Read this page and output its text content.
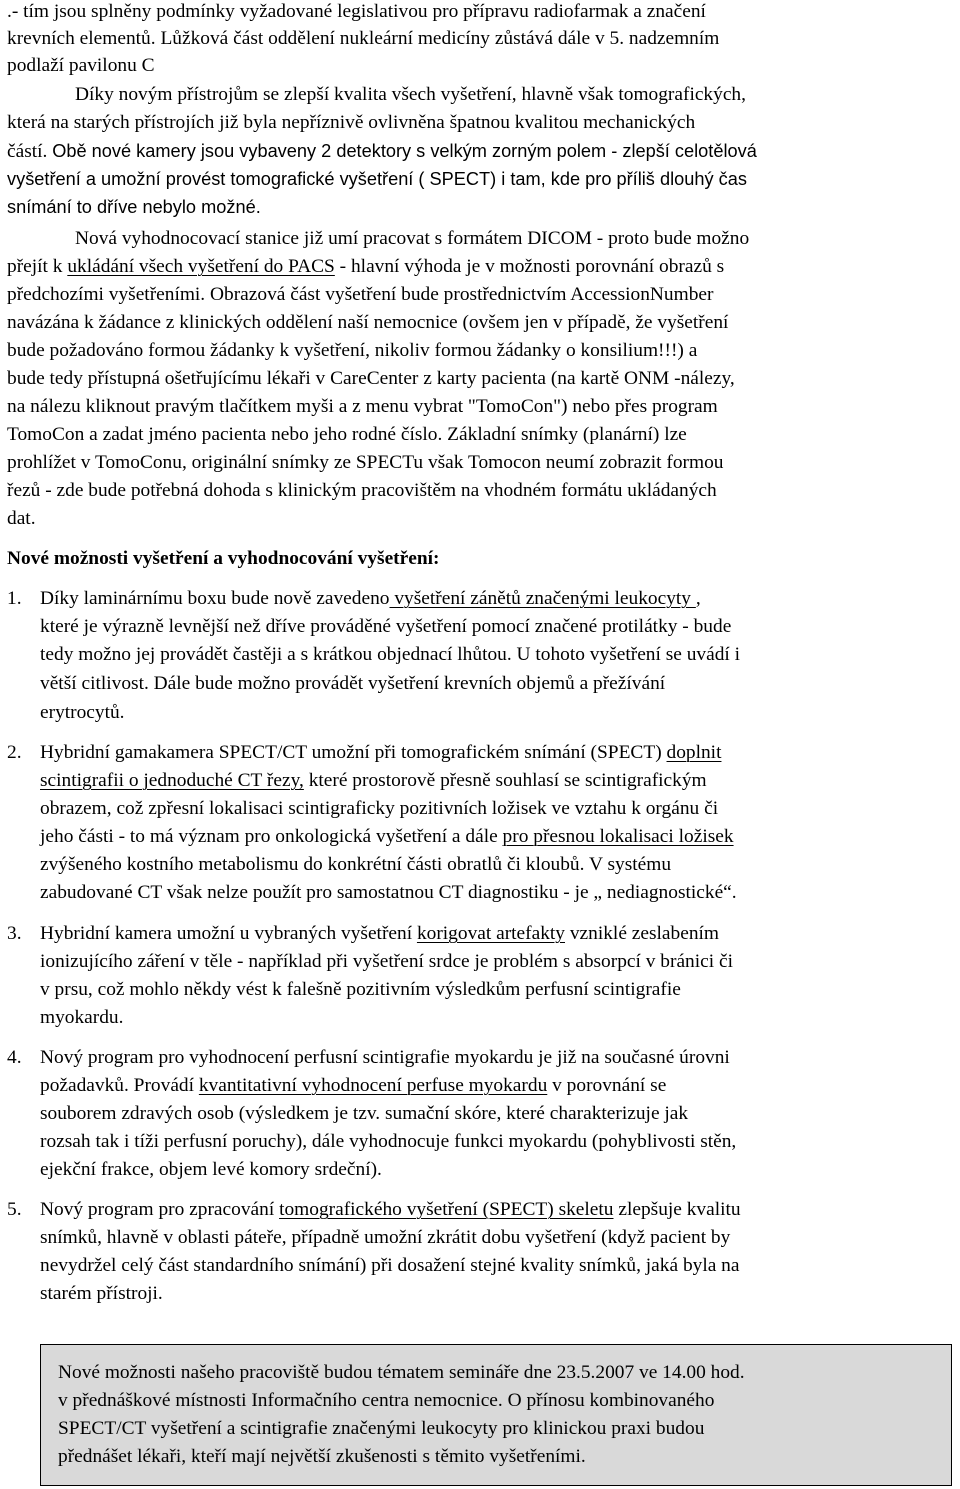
.- tím jsou splněny podmínky vyžadované legislativou pro přípravu radiofarmak a značení
krevních elementů. Lůžková část oddělení nukleární medicíny zůstává dále v 5. nadzemním
podlaží pavilonu C
Díky novým přístrojům se zlepší kvalita všech vyšetření, hlavně však tomografických,
která na starých přístrojích již byla nepříznivě ovlivněna špatnou kvalitou mechanických
částí. Obě nové kamery jsou vybaveny 2 detektory s velkým zorným polem - zlepší celotělová
vyšetření a umožní provést tomografické vyšetření ( SPECT) i tam, kde pro příliš dlouhý čas
snímání to dříve nebylo možné.
Nová vyhodnocovací stanice již umí pracovat s formátem DICOM - proto bude možno
přejít k ukládání všech vyšetření do PACS - hlavní výhoda je v možnosti porovnání obrazů s
předchozími vyšetřeními. Obrazová část vyšetření bude prostřednictvím AccessionNumber
navázána k žádance z klinických oddělení naší nemocnice (ovšem jen v případě, že vyšetření
bude požadováno formou žádanky k vyšetření, nikoliv formou žádanky o konsilium!!!) a
bude tedy přístupná ošetřujícímu lékaři v CareCenter z karty pacienta (na kartě ONM -nálezy,
na nálezu kliknout pravým tlačítkem myši a z menu vybrat "TomoCon") nebo přes program
TomoCon a zadat jméno pacienta nebo jeho rodné číslo. Základní snímky (planární) lze
prohlížet v TomoConu, originální snímky ze SPECTu však Tomocon neumí zobrazit formou
řezů - zde bude potřebná dohoda s klinickým pracovištěm na vhodném formátu ukládaných
dat.
Nové možnosti vyšetření a vyhodnocování vyšetření:
1. Díky laminárnímu boxu bude nově zavedeno vyšetření zánětů značenými leukocyty ,
které je výrazně levnější než dříve prováděné vyšetření pomocí značené protilátky - bude
tedy možno jej provádět častěji a s krátkou objednací lhůtou. U tohoto vyšetření se uvádí i
větší citlivost. Dále bude možno provádět vyšetření krevních objemů a přežívání
erytrocytů.
2. Hybridní gamakamera SPECT/CT umožní při tomografickém snímání (SPECT) doplnit
scintigrafii o jednoduché CT řezy, které prostorově přesně souhlasí se scintigrafickým
obrazem, což zpřesní lokalisaci scintigraficky pozitivních ložisek ve vztahu k orgánu či
jeho části - to má význam pro onkologická vyšetření a dále pro přesnou lokalisaci ložisek
zvýšeného kostního metabolismu do konkrétní části obratlů či kloubů. V systému
zabudované CT však nelze použít pro samostatnou CT diagnostiku - je „ nediagnostické“.
3. Hybridní kamera umožní u vybraných vyšetření korigovat artefakty vzniklé zeslabením
ionizujícího záření v těle - například při vyšetření srdce je problém s absorpcí v bránici či
v prsu, což mohlo někdy vést k falešně pozitivním výsledkům perfusní scintigrafie
myokardu.
4. Nový program pro vyhodnocení perfusní scintigrafie myokardu je již na současné úrovni
požadavků. Provádí kvantitativní vyhodnocení perfuse myokardu v porovnání se
souborem zdravých osob (výsledkem je tzv. sumační skóre, které charakterizuje jak
rozsah tak i tíži perfusní poruchy), dále vyhodnocuje funkci myokardu (pohyblivosti stěn,
ejekční frakce, objem levé komory srdeční).
5. Nový program pro zpracování tomografického vyšetření (SPECT) skeletu zlepšuje kvalitu
snímků, hlavně v oblasti páteře, případně umožní zkrátit dobu vyšetření (když pacient by
nevydržel celý část standardního snímání) při dosažení stejné kvality snímků, jaká byla na
starém přístroji.
Nové možnosti našeho pracoviště budou tématem semináře dne 23.5.2007 ve 14.00 hod.
v přednáškové místnosti Informačního centra nemocnice. O přínosu kombinovaného
SPECT/CT vyšetření a scintigrafie značenými leukocyty pro klinickou praxi budou
přednášet lékaři, kteří mají největší zkušenosti s těmito vyšetřeními.
